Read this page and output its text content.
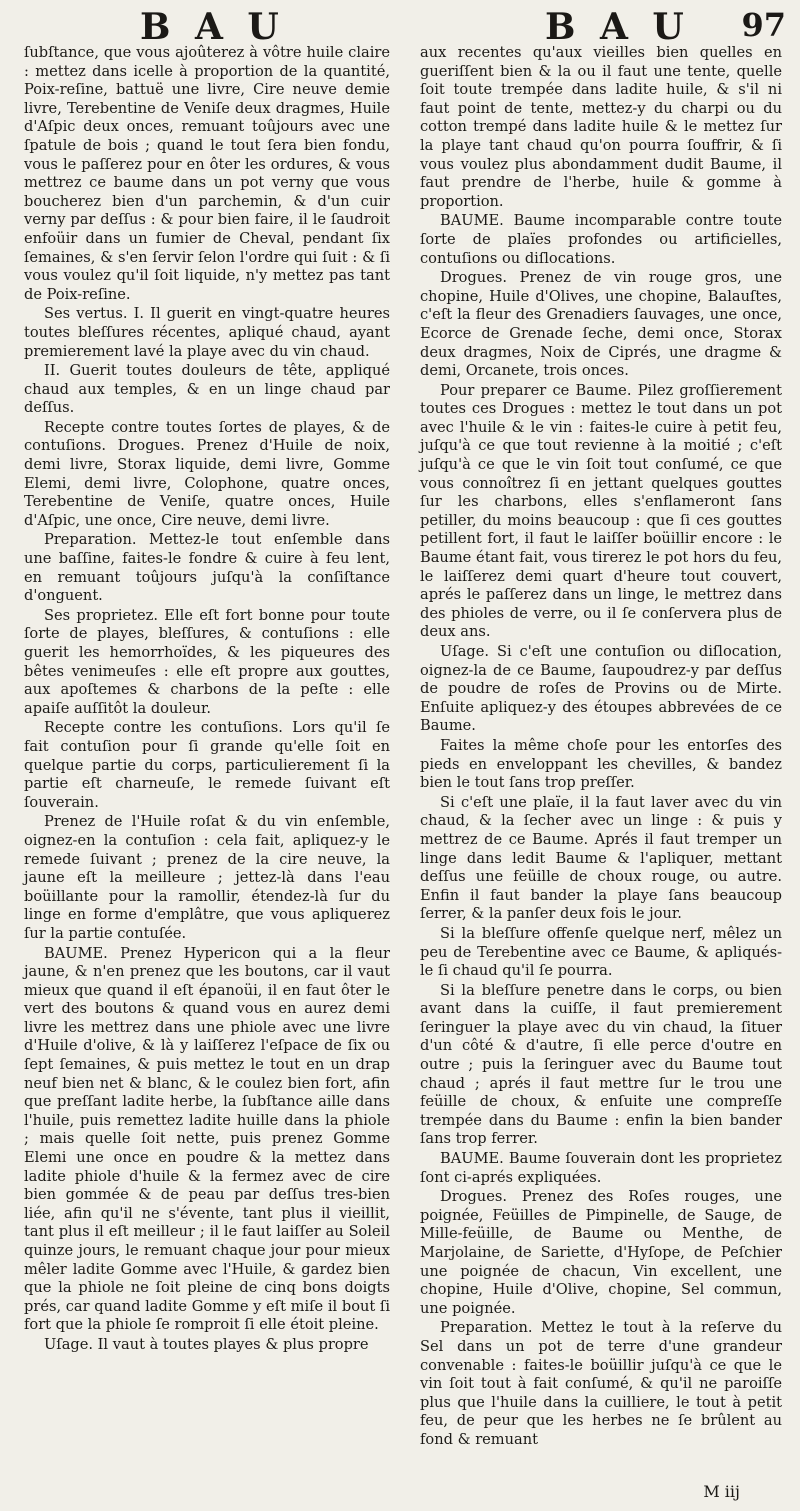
B A U	B A U 97

ſubſtance, que vous ajoûterez à vôtre huile claire : mettez dans icelle à proportion de la quantité, Poix-reſine, battuë une livre, Cire neuve demie livre, Terebentine de Veniſe deux dragmes, Huile d'Aſpic deux onces, remuant toûjours avec une ſpatule de bois ; quand le tout ſera bien fondu, vous le paſſerez pour en ôter les ordures, & vous mettrez ce baume dans un pot verny que vous boucherez bien d'un parchemin, & d'un cuir verny par deſſus : & pour bien faire, il le ſaudroit enfoüir dans un fumier de Cheval, pendant ſix ſemaines, & s'en ſervir ſelon l'ordre qui ſuit : & ſi vous voulez qu'il ſoit liquide, n'y mettez pas tant de Poix-reſine.

Ses vertus. I. Il guerit en vingt-quatre heures toutes bleſſures récentes, apliqué chaud, ayant premierement lavé la playe avec du vin chaud.

II. Guerit toutes douleurs de tête, appliqué chaud aux temples, & en un linge chaud par deſſus.

Recepte contre toutes ſortes de playes, & de contuſions. Drogues. Prenez d'Huile de noix, demi livre, Storax liquide, demi livre, Gomme Elemi, demi livre, Colophone, quatre onces, Terebentine de Veniſe, quatre onces, Huile d'Aſpic, une once, Cire neuve, demi livre.

Preparation. Mettez-le tout enſemble dans une baſſine, faites-le fondre & cuire à feu lent, en remuant toûjours juſqu'à la conſiſtance d'onguent.

Ses proprietez. Elle eſt fort bonne pour toute ſorte de playes, bleſſures, & contuſions : elle guerit les hemorrhoïdes, & les piqueures des bêtes venimeuſes : elle eſt propre aux gouttes, aux apoſtemes & charbons de la peſte : elle apaiſe auſſitôt la douleur.

Recepte contre les contuſions. Lors qu'il ſe fait contuſion pour ſi grande qu'elle ſoit en quelque partie du corps, particulierement ſi la partie eſt charneuſe, le remede ſuivant eſt ſouverain.

Prenez de l'Huile roſat & du vin enſemble, oignez-en la contuſion : cela fait, apliquez-y le remede ſuivant ; prenez de la cire neuve, la jaune eſt la meilleure ; jettez-là dans l'eau boüillante pour la ramollir, étendez-là ſur du linge en forme d'emplâtre, que vous apliquerez ſur la partie contuſée.

BAUME. Prenez Hypericon qui a la fleur jaune, & n'en prenez que les boutons, car il vaut mieux que quand il eſt épanoüi, il en faut ôter le vert des boutons & quand vous en aurez demi livre les mettrez dans une phiole avec une livre d'Huile d'olive, & là y laiſſerez l'eſpace de ſix ou ſept ſemaines, & puis mettez le tout en un drap neuf bien net & blanc, & le coulez bien fort, afin que preſſant ladite herbe, la ſubſtance aille dans l'huile, puis remettez ladite huille dans la phiole ; mais quelle ſoit nette, puis prenez Gomme Elemi une once en poudre & la mettez dans ladite phiole d'huile & la fermez avec de cire bien gommée & de peau par deſſus tres-bien liée, afin qu'il ne s'évente, tant plus il vieillit, tant plus il eſt meilleur ; il le faut laiſſer au Soleil quinze jours, le remuant chaque jour pour mieux mêler ladite Gomme avec l'Huile, & gardez bien que la phiole ne ſoit pleine de cinq bons doigts prés, car quand ladite Gomme y eſt miſe il bout ſi fort que la phiole ſe romproit ſi elle étoit pleine.

Uſage. Il vaut à toutes playes & plus propre

aux recentes qu'aux vieilles bien quelles en gueriſſent bien & la ou il faut une tente, quelle ſoit toute trempée dans ladite huile, & s'il ni faut point de tente, mettez-y du charpi ou du cotton trempé dans ladite huile & le mettez ſur la playe tant chaud qu'on pourra ſouffrir, & ſi vous voulez plus abondamment dudit Baume, il faut prendre de l'herbe, huile & gomme à proportion.

BAUME. Baume incomparable contre toute ſorte de plaïes profondes ou artificielles, contuſions ou diſlocations.

Drogues. Prenez de vin rouge gros, une chopine, Huile d'Olives, une chopine, Balauſtes, c'eſt la fleur des Grenadiers ſauvages, une once, Ecorce de Grenade ſeche, demi once, Storax deux dragmes, Noix de Ciprés, une dragme & demi, Orcanete, trois onces.

Pour preparer ce Baume. Pilez groſſierement toutes ces Drogues : mettez le tout dans un pot avec l'huile & le vin : faites-le cuire à petit feu, juſqu'à ce que tout revienne à la moitié ; c'eſt juſqu'à ce que le vin ſoit tout conſumé, ce que vous connoîtrez ſi en jettant quelques gouttes ſur les charbons, elles s'enflameront ſans petiller, du moins beaucoup : que ſi ces gouttes petillent fort, il faut le laiſſer boüillir encore : le Baume étant fait, vous tirerez le pot hors du feu, le laiſſerez demi quart d'heure tout couvert, aprés le paſſerez dans un linge, le mettrez dans des phioles de verre, ou il ſe conſervera plus de deux ans.

Uſage. Si c'eſt une contuſion ou diſlocation, oignez-la de ce Baume, ſaupoudrez-y par deſſus de poudre de roſes de Provins ou de Mirte. Enſuite apliquez-y des étoupes abbrevées de ce Baume.

Faites la même choſe pour les entorſes des pieds en enveloppant les chevilles, & bandez bien le tout ſans trop preſſer.

Si c'eſt une plaïe, il la faut laver avec du vin chaud, & la ſecher avec un linge : & puis y mettrez de ce Baume. Aprés il faut tremper un linge dans ledit Baume & l'apliquer, mettant deſſus une feüille de choux rouge, ou autre. Enfin il faut bander la playe ſans beaucoup ſerrer, & la panſer deux fois le jour.

Si la bleſſure offenſe quelque nerf, mêlez un peu de Terebentine avec ce Baume, & apliqués-le ſi chaud qu'il ſe pourra.

Si la bleſſure penetre dans le corps, ou bien avant dans la cuiſſe, il faut premierement ſeringuer la playe avec du vin chaud, la ſituer d'un côté & d'autre, ſi elle perce d'outre en outre ; puis la ſeringuer avec du Baume tout chaud ; aprés il faut mettre ſur le trou une feüille de choux, & enſuite une compreſſe trempée dans du Baume : enfin la bien bander ſans trop ferrer.

BAUME. Baume ſouverain dont les proprietez ſont ci-aprés expliquées.

Drogues. Prenez des Roſes rouges, une poignée, Feüilles de Pimpinelle, de Sauge, de Mille-feüille, de Baume ou Menthe, de Marjolaine, de Sariette, d'Hyſope, de Peſchier une poignée de chacun, Vin excellent, une chopine, Huile d'Olive, chopine, Sel commun, une poignée.

Preparation. Mettez le tout à la reſerve du Sel dans un pot de terre d'une grandeur convenable : faites-le boüillir juſqu'à ce que le vin ſoit tout à fait conſumé, & qu'il ne paroiſſe plus que l'huile dans la cuilliere, le tout à petit feu, de peur que les herbes ne ſe brûlent au fond & remuant

M iij
